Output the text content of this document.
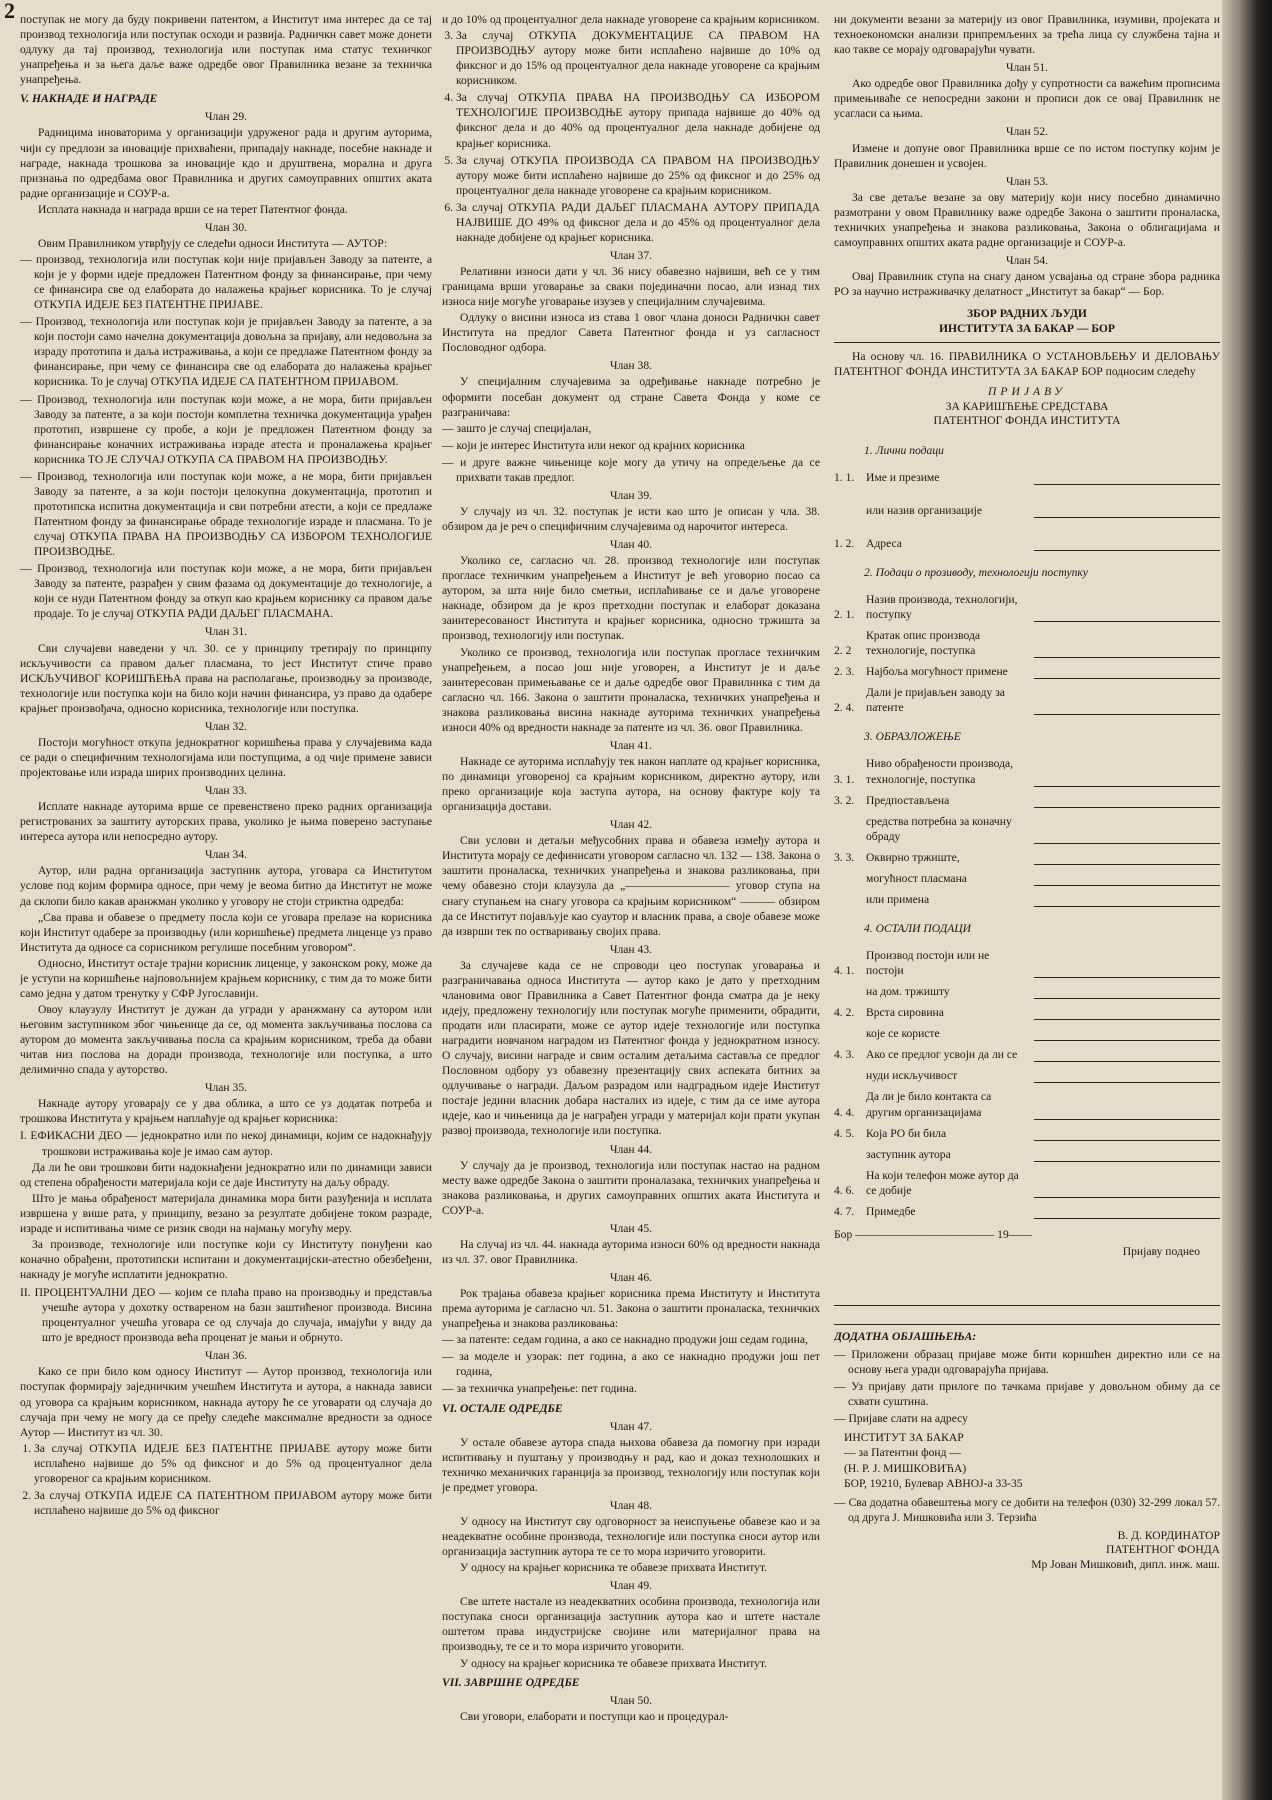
2 поступак не могу да буду покривени патентом, а Институт има интерес да се тај производ технологија или поступак осходи и развија. Радничкн савет може донети одлуку да тај производ, технологија или поступак има статус техничког унапређења и за њега даље важе одредбе овог Правилника везане за техничка унапређења.

V. НАКНАДЕ И НАГРАДЕ
Члан 29.

Радницима иноваторима у организацији удруженог рада и другим ауторима, чији су предлози за иновације прихваћени, припадају накнаде, посебне накнаде и награде, накнада трошкова за иновације кдо и друштвена, морална и друга признања по одредбама овог Правилника и других самоуправних општих аката радне организације и СОУР-а.

Исплата накнада и награда врши се на терет Патентног фонда.

Члан 30.

Овим Правилником утврђују се следећи односи Института — АУТОР:

— производ, технологија или поступак који није пријављен Заводу за патенте, а који је у форми идеје предложен Патентном фонду за финансирање, при чему се финансира све од елабората до налажења крајњег корисника. То је случај ОТКУПА ИДЕЈЕ БЕЗ ПАТЕНТНЕ ПРИЈАВЕ.
— Производ, технологија или поступак који је пријављен Заводу за патенте, а за који постоји само начелна документација довољна за пријаву, али недовољна за израду прототипа и даља истраживања, а који се предлаже Патентном фонду за финансирање, при чему се финансира све од елабората до налажења крајњег корисника. То је случај ОТКУПА ИДЕЈЕ СА ПАТЕНТНОМ ПРИЈАВОМ.
— Производ, технологија или поступак који може, а не мора, бити пријављен Заводу за патенте, а за који постоји комплетна техничка документација урађен прототип, извршене су пробе, а који је предложен Патентном фонду за финансирање коначних истраживања израде атеста и проналажења крајњег корисника ТО ЈЕ СЛУЧАЈ ОТКУПА СА ПРАВОМ НА ПРОИЗВОДЊУ.
— Производ, технологија или поступак који може, а не мора, бити пријављен Заводу за патенте, а за који постоји целокупна документација, прототип и прототипска испитна документација и сви потребни атести, а који се предлаже Патентном фонду за финансирање обраде технологије израде и пласмана. То је случај ОТКУПА ПРАВА НА ПРОИЗВОДЊУ СА ИЗБОРОМ ТЕХНОЛОГИЈЕ ПРОИЗВОДЊЕ.
— Производ, технологија или поступак који може, а не мора, бити пријављен Заводу за патенте, разрађен у свим фазама од документације до технологије, а који се нуди Патентном фонду за откуп као крајњем кориснику са правом даље продаје. То је случај ОТКУПА РАДИ ДАЉЕГ ПЛАСМАНА.
Члан 31.

Сви случајеви наведени у чл. 30. се у принципу третирају по принципу искључивости са правом даљег пласмана, то јест Институт стиче право ИСКЉУЧИВОГ КОРИШЋЕЊА права на располагање, производњу за производе, технологије или поступка који на било који начин финансира, уз право да одабере крајњег произвођача, односно корисника, технологије или поступка.

Члан 32.

Постоји могућност откупа једнократног коришћења права у случајевима када се ради о специфичним технологијама или поступцима, а од чије примене зависи пројектовање или израда ширих производних целина.

Члан 33.

Исплате накнаде ауторима врше се превенствено преко радних организација регистрованих за заштиту ауторских права, уколико је њима поверено заступање интереса аутора или непосредно аутору.

Члан 34.

Аутор, или радна организација заступник аутора, уговара са Институтом услове под којим формира односе, при чему је веома битно да Институт не може да склопи било какав аранжман уколико у уговору не стоји стриктна одредба:

„Сва права и обавезе о предмету посла који се уговара прелазе на корисника који Институт одабере за производњу (или коришћење) предмета лиценце уз право Института да односе са сорисником регулише посебним уговором“.

Односно, Институт остаје трајни корисник лиценце, у законском року, може да је уступи на коришћење најповољнијем крајњем кориснику, с тим да то може бити само једна у датом тренутку у СФР Југославији.

Овоу клаузулу Институт је дужан да угради у аранжману са аутором или његовим заступником због чињенице да се, од момента закључивања послова са аутором до момента закључивања посла са крајњим корисником, треба да обави читав низ послова на доради производа, технологије или поступка, а што делимично спада у ауторство.

Члан 35.

Накнаде аутору уговараjу се у два облика, а што се уз додатак потреба и трошкова Института у крајњем наплаћује од крајњег корисника:

I. ЕФИКАСНИ ДЕО — једнократно или по некој динамици, којим се надокнађују трошкови истраживања које је имао сам аутор.

Да ли ће ови трошкови бити надокнађени једнократно или по динамици зависи од степена обрађености материјала који се даје Институту на даљу обраду.

Што је мања обрађеност материјала динамика мора бити разуђенија и исплата извршена у више рата, у принципу, везано за резултате добијене током разраде, израде и испитивања чиме се ризик своди на најмању могућу меру.

За производе, технологије или поступке који су Институту понуђени као коначно обрађени, прототипски испитани и документацијски-атестно обезбеђени, накнаду је могуће исплатити једнократно.

II. ПРОЦЕНТУАЛНИ ДЕО — којим се плаћа право на производњу и представља учешће аутора у дохотку оствареном на бази заштићеног производа. Висина процентуалног учешћа уговара се од случаја до случаја, имајући у виду да што је вредност производа већа проценат је мањи и обрнуто.
Члан 36.

Како се при било ком односу Институт — Аутор производ, технологија или поступак формирају заједничким учешћем Института и аутора, а накнада зависи од уговора са крајњим корисником, накнада аутору ће се уговарати од случаја до случаја при чему не могу да се пређу следеће максималне вредности за односе Аутор — Институт из чл. 30.

1. За случај ОТКУПА ИДЕЈЕ БЕЗ ПАТЕНТНЕ ПРИЈАВЕ аутору може бити исплаћено највише до 5% од фиксног и до 5% од процентуалног дела уговореног са крајњим корисником.
2. За случај ОТКУПА ИДЕЈЕ СА ПАТЕНТНОМ ПРИЈАВОМ аутору може бити исплаћено највише до 5% од фиксног

и до 10% од процентуалног дела накнаде уговорене са крајњим корисником.

3. За случај ОТКУПА ДОКУМЕНТАЦИЈЕ СА ПРАВОМ НА ПРОИЗВОДЊУ аутору може бити исплаћено највише до 10% од фиксног и до 15% од процентуалног дела накнаде уговорене са крајњим корисником.
4. За случај ОТКУПА ПРАВА НА ПРОИЗВОДЊУ СА ИЗБОРОМ ТЕХНОЛОГИЈЕ ПРОИЗВОДЊЕ аутору припада највише до 40% од фиксног дела и до 40% од процентуалног дела накнаде добијене од крајњег корисника.
5. За случај ОТКУПА ПРОИЗВОДА СА ПРАВОМ НА ПРОИЗВОДЊУ аутору може бити исплаћено највише до 25% од фиксног и до 25% од процентуалног дела накнаде уговорене са крајњим корисником.
6. За случај ОТКУПА РАДИ ДАЉЕГ ПЛАСМАНА АУТОРУ ПРИПАДА НАЈВИШЕ ДО 49% од фиксног дела и до 45% од процентуалног дела накнаде добијене од крајњег корисника.
Члан 37.

Релативни износи дати у чл. 36 нису обавезно највиши, већ се у тим границама врши уговарање за сваки појединачни посао, али изнад тих износа није могуће уговарање изузев у специјалним случајевима.

Одлуку о висини износа из става 1 овог члана доноси Радничкн савет Института на предлог Савета Патентног фонда и уз сагласност Пословодног одбора.

Члан 38.

У специјалним случајевима за одређивање накнаде потребно је оформити посебан документ од стране Савета Фонда у коме се разграничава:

— зашто је случај специјалан,
— који је интерес Института или неког од крајних корисника
— и друге важне чињенице које могу да утичу на опредељење да се прихвати такав предлог.
Члан 39.

У случају из чл. 32. поступак је исти као што је описан у чла. 38. обзиром да је реч о специфичним случајевима од нарочитог интереса.

Члан 40.

Уколико се, сагласно чл. 28. производ технологије или поступак прогласе техничким унапређењем а Институт је већ уговорио посао са аутором, за шта није било сметњи, исплаћивање се и даље уговорене накнаде, обзиром да је кроз претходни поступак и елаборат доказана заинтересованост Института и крајњег корисника, односно тржишта за производ, технологију или поступак.

Уколико се производ, технологија или поступак прогласе техничким унапређењем, а посао још није уговорен, а Институт је и даље заинтересован примењавање се и даље одредбе овог Правилника с тим да сагласно чл. 166. Закона о заштити проналаска, техничких унапређења и знакова разликовања висина накнаде ауторима техничких унапређења износи 40% од вредности накнаде за патенте из чл. 36. овог Правилника.

Члан 41.

Накнаде се ауторима исплаћују тек након наплате од крајњег корисника, по динамици уговореној са крајњим корисником, директно аутору, или преко организације која заступа аутора, на основу фактуре коју та организација достави.

Члан 42.

Сви услови и детаљи међусобних права и обавеза између аутора и Института морају се дефинисати уговором сагласно чл. 132 — 138. Закона о заштити проналаска, техничких унапређења и знакова разликовања, при чему обавезно стоји клаузула да „————————— уговор ступа на снагу ступањем на снагу уговора са крајњим корисником“ ——— обзиром да се Институт појављује као суаутор и власник права, а своје обавезе може да изврши тек по остваривању својих права.

Члан 43.

За случајеве када се не спроводи цео поступак уговарања и разграничавања односа Института — аутор како је дато у претходним члановима овог Правилника а Савет Патентног фонда сматра да је неку идеју, предложену технологију или поступак могуће применити, обрадити, продати или пласирати, може се аутор идеје технологије или поступка наградити новчаном наградом из Патентног фонда у једнократном износу. О случају, висини награде и свим осталим детаљима саставља се предлог Пословном одбору уз обавезну презентацију свих аспеката битних за одлучивање о награди. Даљом разрадом или надградњом идеје Институт постаје једини власник добара насталих из идеје, с тим да се име аутора идеје, као и чињеница да је награђен угради у материјал који прати укупан развој производа, технологије или поступка.

Члан 44.

У случају да је производ, технологија или поступак настао на радном месту важе одредбе Закона о заштити проналазака, техничких унапређења и знакова разликовања, и других самоуправних општих аката Института и СОУР-а.

Члан 45.

На случај из чл. 44. накнада ауторима износи 60% од вредности накнада из чл. 37. овог Правилника.

Члан 46.

Рок трајања обавеза крајњег корисника према Институту и Института према ауторима је сагласно чл. 51. Закона о заштити проналаска, техничких унапређења и знакова разликовања:

— за патенте: седам година, а ако се накнадно продужи још седам година,
— за моделе и узорак: пет година, а ако се накнадно продужи још пет година,
— за техничка унапређење: пет година.
VI. ОСТАЛЕ ОДРЕДБЕ
Члан 47.

У остале обавезе аутора спада њихова обавеза да помогну при изради испитивању и пуштању у производњу и рад, као и доказ технолошких и техничко механичких гаранција за производ, технологију или поступак који је предмет уговора.

Члан 48.

У односу на Институт сву одговорност за неиспуњење обавезе као и за неадекватне особине производа, технологије или поступка сноси аутор или организација заступник аутора те се то мора изричито уговорити.

У односу на крајњег корисника те обавезе прихвата Институт.

Члан 49.

Све штете настале из неадекватних особина производа, технологија или поступака сноси организација заступник аутора као и штете настале оштетом права индустријске својине или материјалног права на производњу, те се и то мора изричито уговорити.

У односу на крајњег корисника те обавезе прихвата Институт.

VII. ЗАВРШНЕ ОДРЕДБЕ
Члан 50.

Сви уговори, елаборати и поступци као и процедурал-

ни документи везани за материју из овог Правилника, изумиви, пројеката и техноекономски анализи припремљених за трећа лица су службена тајна и као такве се морају одговарајући чувати.

Члан 51.

Ако одредбе овог Правилника дођу у супротности са важећим прописима примењиваће се непосредни закони и прописи док се овај Правилник не усагласи са њима.

Члан 52.

Измене и допуне овог Правилника врше се по истом поступку којим је Правилник донешен и усвојен.

Члан 53.

За све детаље везане за ову материју који нису посебно динамично размотрани у овом Правилнику важе одредбе Закона о заштити проналаска, техничких унапређења и знакова разликовања, Закона о облигацијама и самоуправних општих аката радне организације и СОУР-а.

Члан 54.

Овај Правилник ступа на снагу даном усвајања од стране збора радника РО за научно истраживачку делатност „Институт за бакар“ — Бор.

ЗБОР РАДНИХ ЉУДИ
ИНСТИТУТА ЗА БАКАР — БОР

На основу чл. 16. ПРАВИЛНИКА О УСТАНОВЉЕЊУ И ДЕЛОВАЊУ ПАТЕНТНОГ ФОНДА ИНСТИТУТА ЗА БАКАР БОР подносим следећу

ПРИЈАВУ
ЗА КАРИШЋЕЊЕ СРЕДСТАВА
ПАТЕНТНОГ ФОНДА ИНСТИТУТА
1. Лични подаци
1. 1.	Име и презиме
или назив организације
1. 2.	Адреса
2. Подаци о прозиводу, технологији поступку
2. 1.
Назив производа, технологији, поступку
2. 2
Кратак опис производа технологије, поступка
2. 3.	Најбоља могућност примене
2. 4.
Дали је пријављен заводу за патенте
3. ОБРАЗЛОЖЕЊЕ
3. 1.
Ниво обрађености производа, технологије, поступка
3. 2.	Предпостављена
средства потребна за коначну обраду
3. 3.	Оквирно тржиште,
могућност пласмана
или примена
4. ОСТАЛИ ПОДАЦИ
4. 1.
Производ постоји или не постоји
на дом. тржишту
4. 2.	Врста сировина
које се користе
4. 3.	Ако се предлог усвоји да ли се
нуди искључивост
4. 4.
Да ли је било контакта са другим организацијама
4. 5.	Која РО би била
заступник аутора
4. 6.
На који телефон може аутор да се добије
4. 7.	Примедбе
Бор ———————————— 19——
Пријаву поднео
ДОДАТНА ОБЈАШЊЕЊА:
— Приложени образац пријаве може бити коришћен директно или се на основу њега уради одговарајућа пријава.
— Уз пријаву дати прилоге по тачкама пријаве у довољном обиму да се схвати суштина.
— Пријаве слати на адресу
ИНСТИТУТ ЗА БАКАР
— за Патентни фонд —
(Н. Р. Ј. МИШКОВИЋА)
БОР, 19210, Булевар АВНОЈ-а 33-35
— Сва додатна обавештења могу се добити на телефон (030) 32-299 локал 57. од друга Ј. Мишковића или З. Терзића
В. Д. КОРДИНАТОР
ПАТЕНТНОГ ФОНДА
Мр Јован Мишковић, дипл. инж. маш.
